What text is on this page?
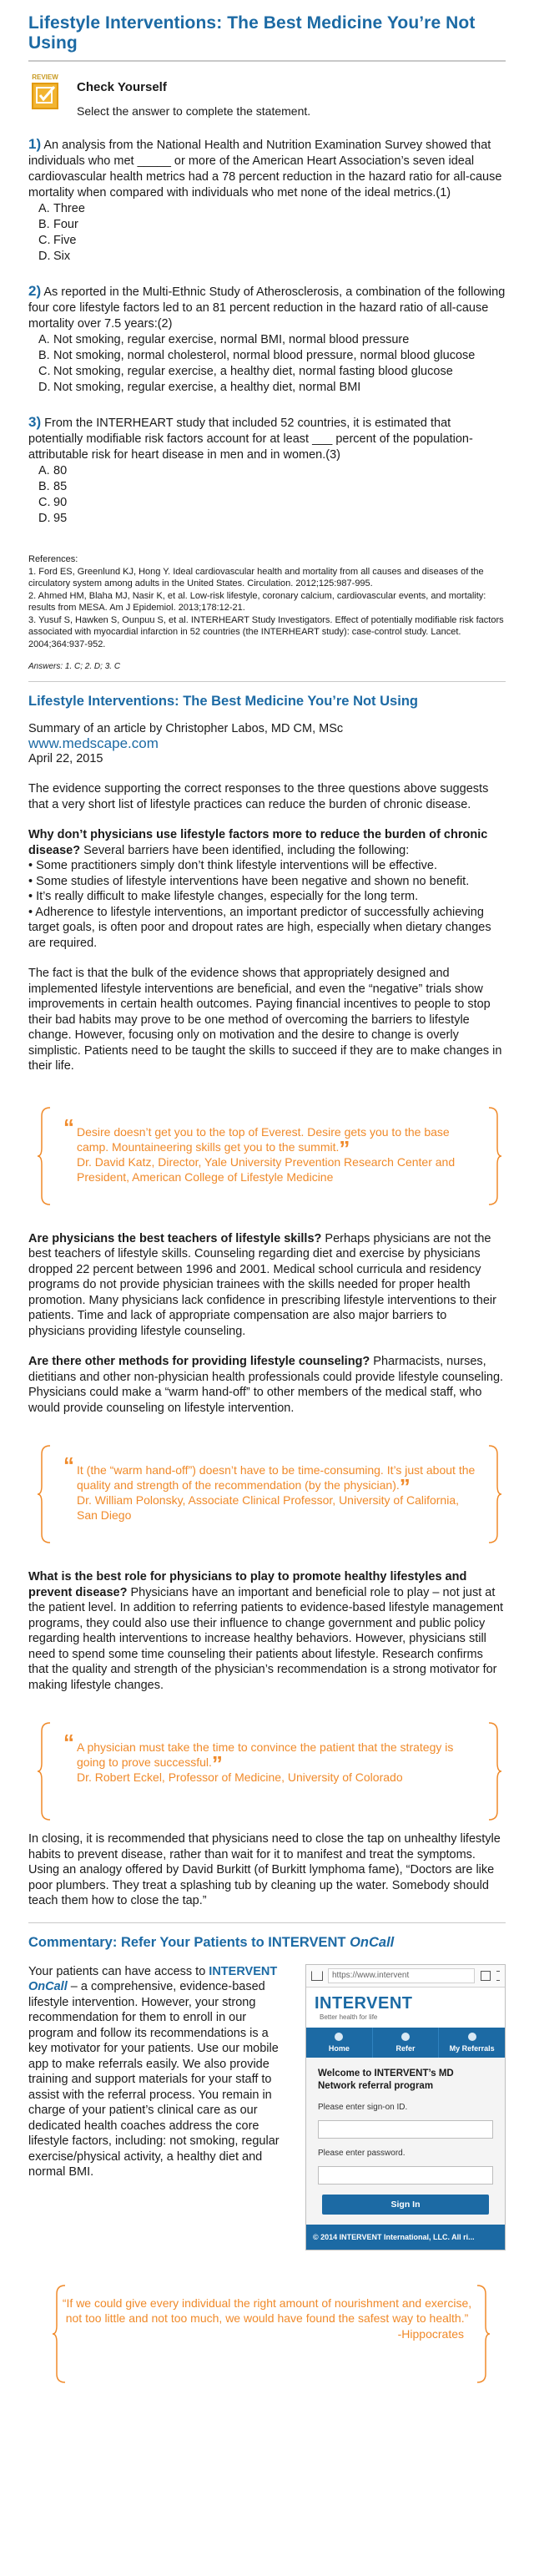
Lifestyle Interventions: The Best Medicine You’re Not Using
REVIEW
Check Yourself
Select the answer to complete the statement.
1) An analysis from the National Health and Nutrition Examination Survey showed that individuals who met _____ or more of the American Heart Association’s seven ideal cardiovascular health metrics had a 78 percent reduction in the hazard ratio for all-cause mortality when compared with individuals who met none of the ideal metrics.(1)
A. Three
B. Four
C. Five
D. Six
2) As reported in the Multi-Ethnic Study of Atherosclerosis, a combination of the following four core lifestyle factors led to an 81 percent reduction in the hazard ratio of all-cause mortality over 7.5 years:(2)
A. Not smoking, regular exercise, normal BMI, normal blood pressure
B. Not smoking, normal cholesterol, normal blood pressure, normal blood glucose
C. Not smoking, regular exercise, a healthy diet, normal fasting blood glucose
D. Not smoking, regular exercise, a healthy diet, normal BMI
3) From the INTERHEART study that included 52 countries, it is estimated that potentially modifiable risk factors account for at least ___ percent of the population-attributable risk for heart disease in men and in women.(3)
A. 80
B. 85
C. 90
D. 95

References:

1. Ford ES, Greenlund KJ, Hong Y. Ideal cardiovascular health and mortality from all causes and diseases of the circulatory system among adults in the United States. Circulation. 2012;125:987-995.

2. Ahmed HM, Blaha MJ, Nasir K, et al. Low-risk lifestyle, coronary calcium, cardiovascular events, and mortality: results from MESA. Am J Epidemiol. 2013;178:12-21.

3. Yusuf S, Hawken S, Ounpuu S, et al. INTERHEART Study Investigators. Effect of potentially modifiable risk factors associated with myocardial infarction in 52 countries (the INTERHEART study): case-control study. Lancet. 2004;364:937-952.

Answers: 1. C; 2. D; 3. C
Lifestyle Interventions: The Best Medicine You’re Not Using
Summary of an article by Christopher Labos, MD CM, MSc
www.medscape.com
April 22, 2015

The evidence supporting the correct responses to the three questions above suggests that a very short list of lifestyle practices can reduce the burden of chronic disease.

Why don’t physicians use lifestyle factors more to reduce the burden of chronic disease? Several barriers have been identified, including the following:

• Some practitioners simply don’t think lifestyle interventions will be effective.
• Some studies of lifestyle interventions have been negative and shown no benefit.
• It’s really difficult to make lifestyle changes, especially for the long term.
• Adherence to lifestyle interventions, an important predictor of successfully achieving target goals, is often poor and dropout rates are high, especially when dietary changes are required.

The fact is that the bulk of the evidence shows that appropriately designed and implemented lifestyle interventions are beneficial, and even the “negative” trials show improvements in certain health outcomes. Paying financial incentives to people to stop their bad habits may prove to be one method of overcoming the barriers to lifestyle change. However, focusing only on motivation and the desire to change is overly simplistic. Patients need to be taught the skills to succeed if they are to make changes in their life.

“ Desire doesn’t get you to the top of Everest. Desire gets you to the base camp. Mountaineering skills get you to the summit.”
Dr. David Katz, Director, Yale University Prevention Research Center and President, American College of Lifestyle Medicine

Are physicians the best teachers of lifestyle skills? Perhaps physicians are not the best teachers of lifestyle skills. Counseling regarding diet and exercise by physicians dropped 22 percent between 1996 and 2001. Medical school curricula and residency programs do not provide physician trainees with the skills needed for proper health promotion. Many physicians lack confidence in prescribing lifestyle interventions to their patients. Time and lack of appropriate compensation are also major barriers to physicians providing lifestyle counseling.

Are there other methods for providing lifestyle counseling? Pharmacists, nurses, dietitians and other non-physician health professionals could provide lifestyle counseling. Physicians could make a “warm hand-off” to other members of the medical staff, who would provide counseling on lifestyle intervention.

“ It (the “warm hand-off”) doesn’t have to be time-consuming. It’s just about the quality and strength of the recommendation (by the physician).”
Dr. William Polonsky, Associate Clinical Professor, University of California, San Diego

What is the best role for physicians to play to promote healthy lifestyles and prevent disease? Physicians have an important and beneficial role to play – not just at the patient level. In addition to referring patients to evidence-based lifestyle management programs, they could also use their influence to change government and public policy regarding health interventions to increase healthy behaviors. However, physicians still need to spend some time counseling their patients about lifestyle. Research confirms that the quality and strength of the physician’s recommendation is a strong motivator for making lifestyle changes.

“ A physician must take the time to convince the patient that the strategy is going to prove successful.”
Dr. Robert Eckel, Professor of Medicine, University of Colorado

In closing, it is recommended that physicians need to close the tap on unhealthy lifestyle habits to prevent disease, rather than wait for it to manifest and treat the symptoms. Using an analogy offered by David Burkitt (of Burkitt lymphoma fame), “Doctors are like poor plumbers. They treat a splashing tub by cleaning up the water. Somebody should teach them how to close the tap.”

Commentary: Refer Your Patients to INTERVENT OnCall
Your patients can have access to INTERVENT OnCall – a comprehensive, evidence-based lifestyle intervention. However, your strong recommendation for them to enroll in our program and follow its recommendations is a key motivator for your patients. Use our mobile app to make referrals easily. We also provide training and support materials for your staff to assist with the referral process. You remain in charge of your patient’s clinical care as our dedicated health coaches address the core lifestyle factors, including: not smoking, regular exercise/physical activity, a healthy diet and normal BMI.
https://www.intervent
INTERVENT
Better health for life
Home	Refer	My Referrals
Welcome to INTERVENT’s MD Network referral program
Please enter sign-on ID.
Please enter password.
Sign In
© 2014 INTERVENT International, LLC. All ri...
“If we could give every individual the right amount of nourishment and exercise, not too little and not too much, we would have found the safest way to health.”

-Hippocrates
